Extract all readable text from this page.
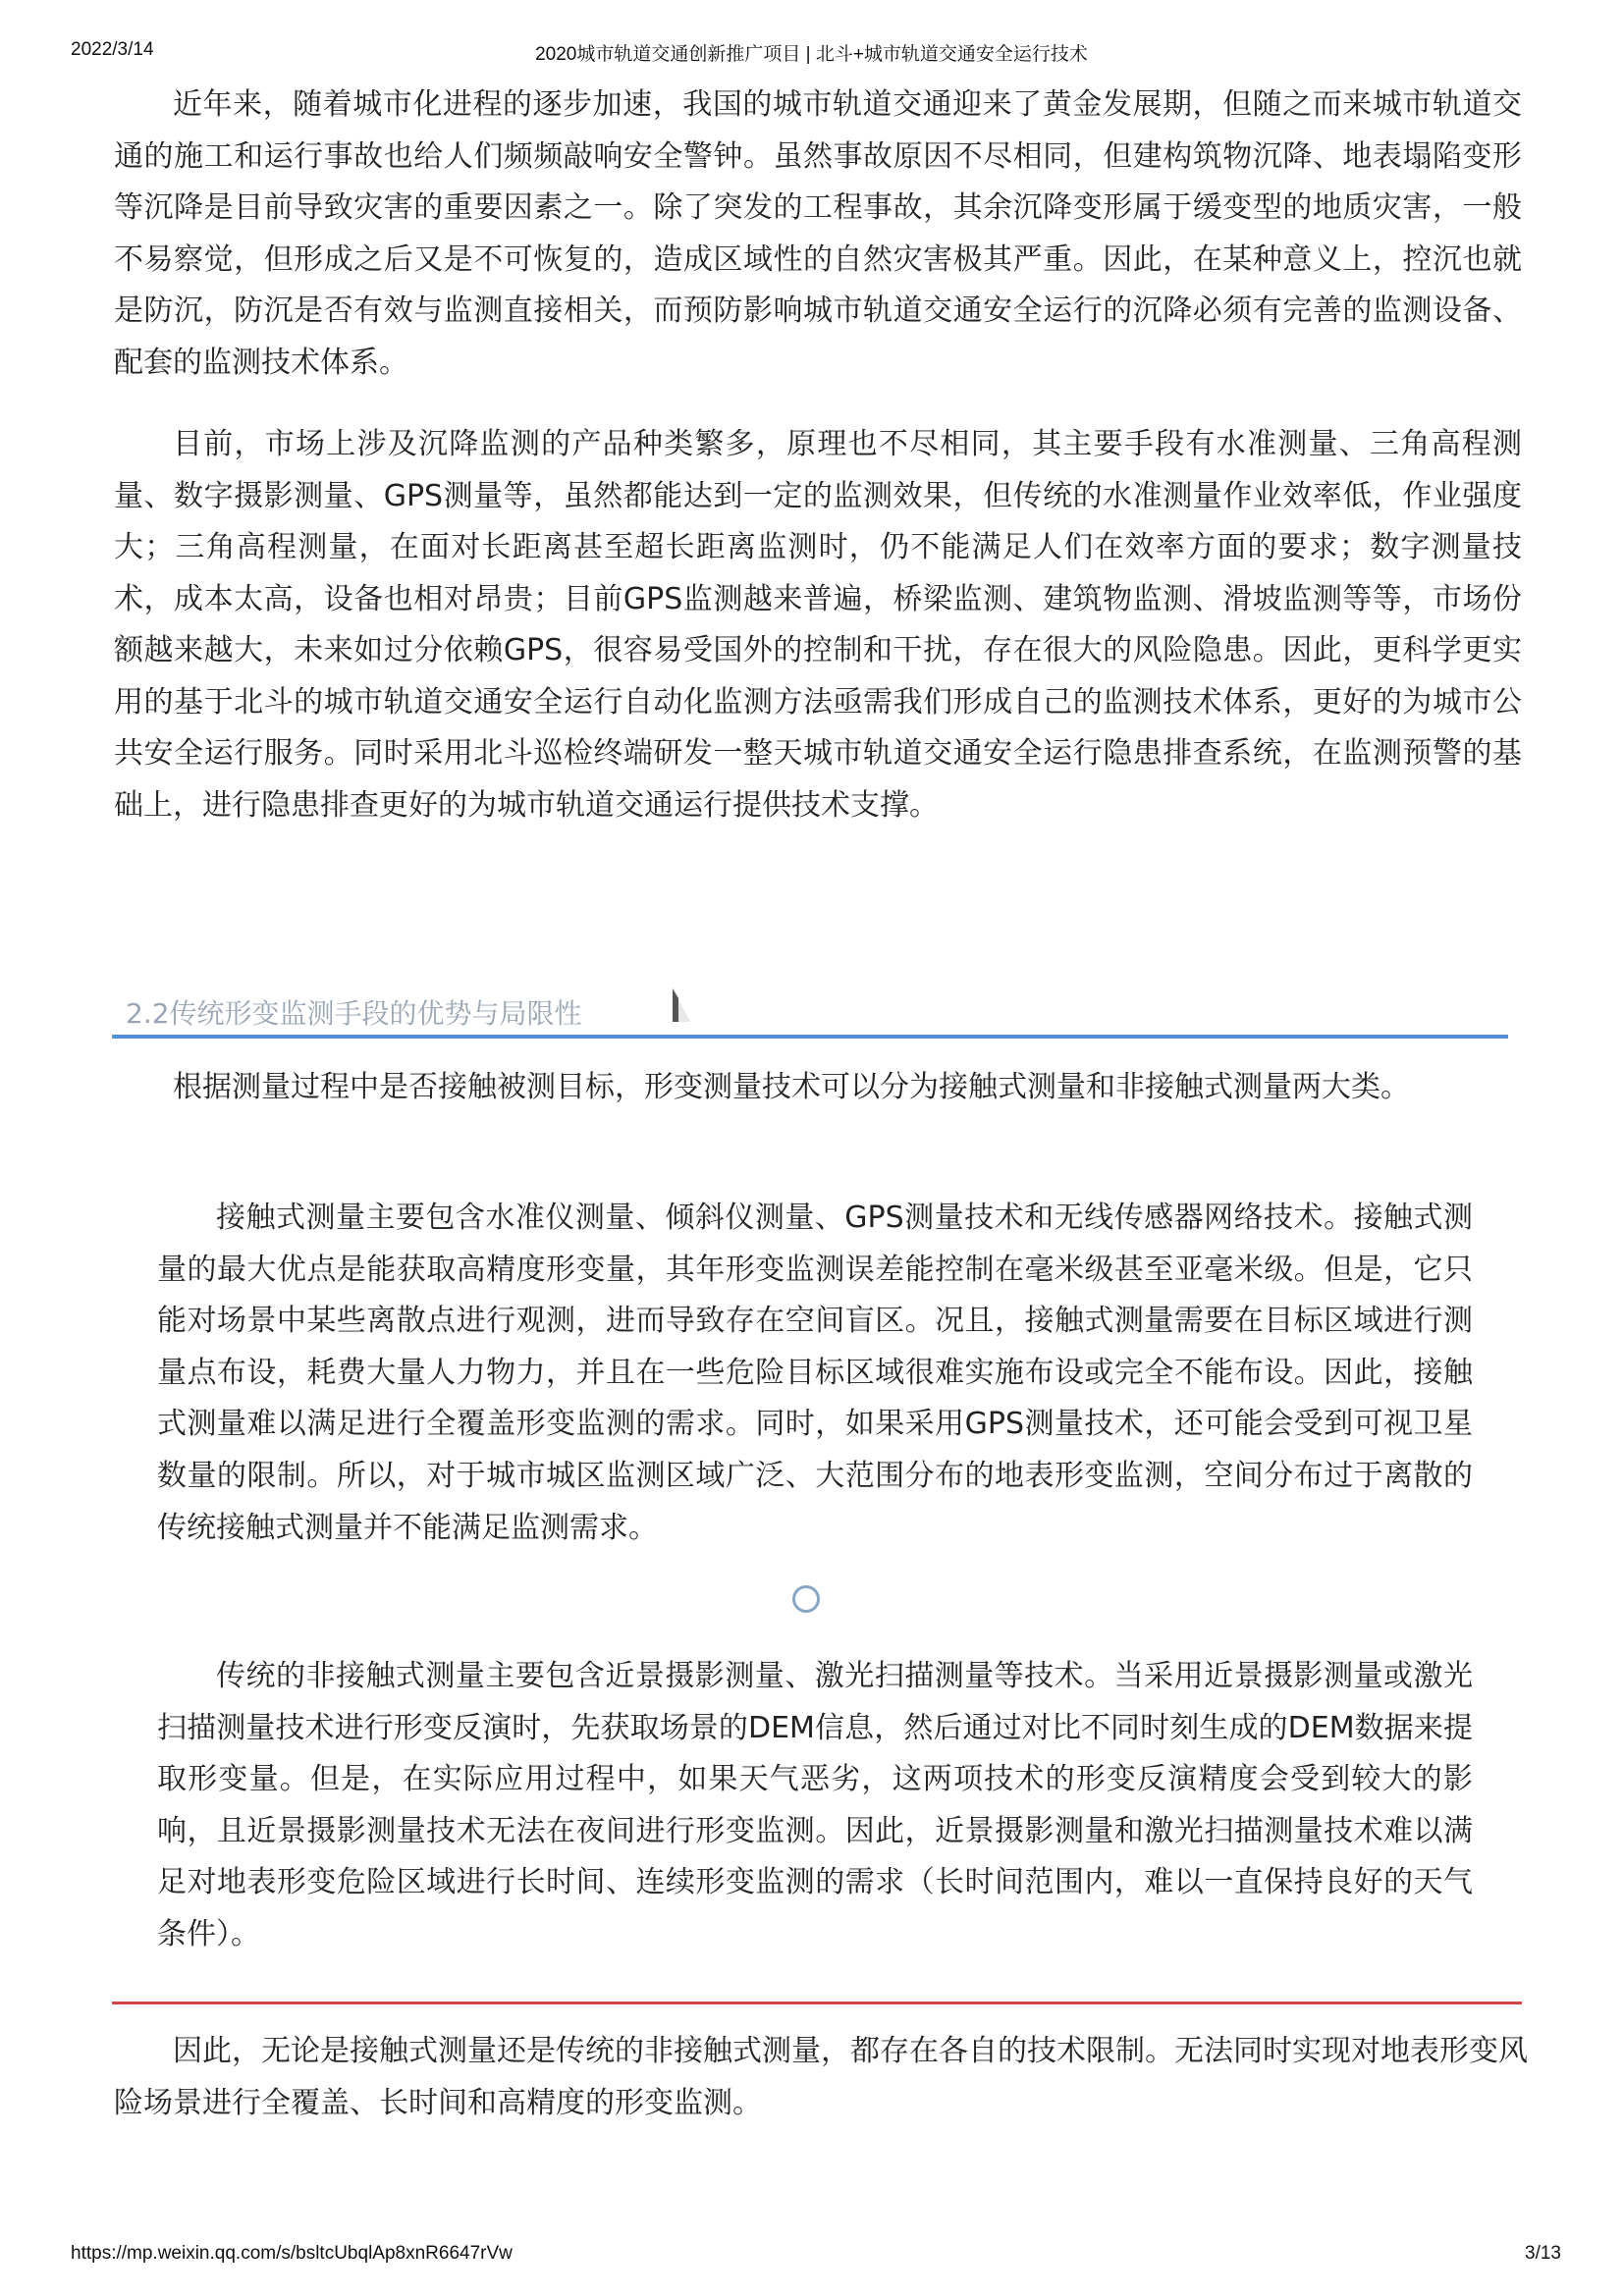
2022/3/14	2020城市轨道交通创新推广项目 | 北斗+城市轨道交通安全运行技术

近年来，随着城市化进程的逐步加速，我国的城市轨道交通迎来了黄金发展期，但随之而来城市轨道交通的施工和运行事故也给人们频频敲响安全警钟。虽然事故原因不尽相同，但建构筑物沉降、地表塌陷变形等沉降是目前导致灾害的重要因素之一。除了突发的工程事故，其余沉降变形属于缓变型的地质灾害，一般不易察觉，但形成之后又是不可恢复的，造成区域性的自然灾害极其严重。因此，在某种意义上，控沉也就是防沉，防沉是否有效与监测直接相关，而预防影响城市轨道交通安全运行的沉降必须有完善的监测设备、配套的监测技术体系。

目前，市场上涉及沉降监测的产品种类繁多，原理也不尽相同，其主要手段有水准测量、三角高程测量、数字摄影测量、GPS测量等，虽然都能达到一定的监测效果，但传统的水准测量作业效率低，作业强度大；三角高程测量，在面对长距离甚至超长距离监测时，仍不能满足人们在效率方面的要求；数字测量技术，成本太高，设备也相对昂贵；目前GPS监测越来普遍，桥梁监测、建筑物监测、滑坡监测等等，市场份额越来越大，未来如过分依赖GPS，很容易受国外的控制和干扰，存在很大的风险隐患。因此，更科学更实用的基于北斗的城市轨道交通安全运行自动化监测方法亟需我们形成自己的监测技术体系，更好的为城市公共安全运行服务。同时采用北斗巡检终端研发一整天城市轨道交通安全运行隐患排查系统，在监测预警的基础上，进行隐患排查更好的为城市轨道交通运行提供技术支撑。

2.2传统形变监测手段的优势与局限性

根据测量过程中是否接触被测目标，形变测量技术可以分为接触式测量和非接触式测量两大类。

接触式测量主要包含水准仪测量、倾斜仪测量、GPS测量技术和无线传感器网络技术。接触式测量的最大优点是能获取高精度形变量，其年形变监测误差能控制在毫米级甚至亚毫米级。但是，它只能对场景中某些离散点进行观测，进而导致存在空间盲区。况且，接触式测量需要在目标区域进行测量点布设，耗费大量人力物力，并且在一些危险目标区域很难实施布设或完全不能布设。因此，接触式测量难以满足进行全覆盖形变监测的需求。同时，如果采用GPS测量技术，还可能会受到可视卫星数量的限制。所以，对于城市城区监测区域广泛、大范围分布的地表形变监测，空间分布过于离散的传统接触式测量并不能满足监测需求。

传统的非接触式测量主要包含近景摄影测量、激光扫描测量等技术。当采用近景摄影测量或激光扫描测量技术进行形变反演时，先获取场景的DEM信息，然后通过对比不同时刻生成的DEM数据来提取形变量。但是，在实际应用过程中，如果天气恶劣，这两项技术的形变反演精度会受到较大的影响，且近景摄影测量技术无法在夜间进行形变监测。因此，近景摄影测量和激光扫描测量技术难以满足对地表形变危险区域进行长时间、连续形变监测的需求（长时间范围内，难以一直保持良好的天气条件）。

因此，无论是接触式测量还是传统的非接触式测量，都存在各自的技术限制。无法同时实现对地表形变风险场景进行全覆盖、长时间和高精度的形变监测。

https://mp.weixin.qq.com/s/bsltcUbqlAp8xnR6647rVw	3/13
